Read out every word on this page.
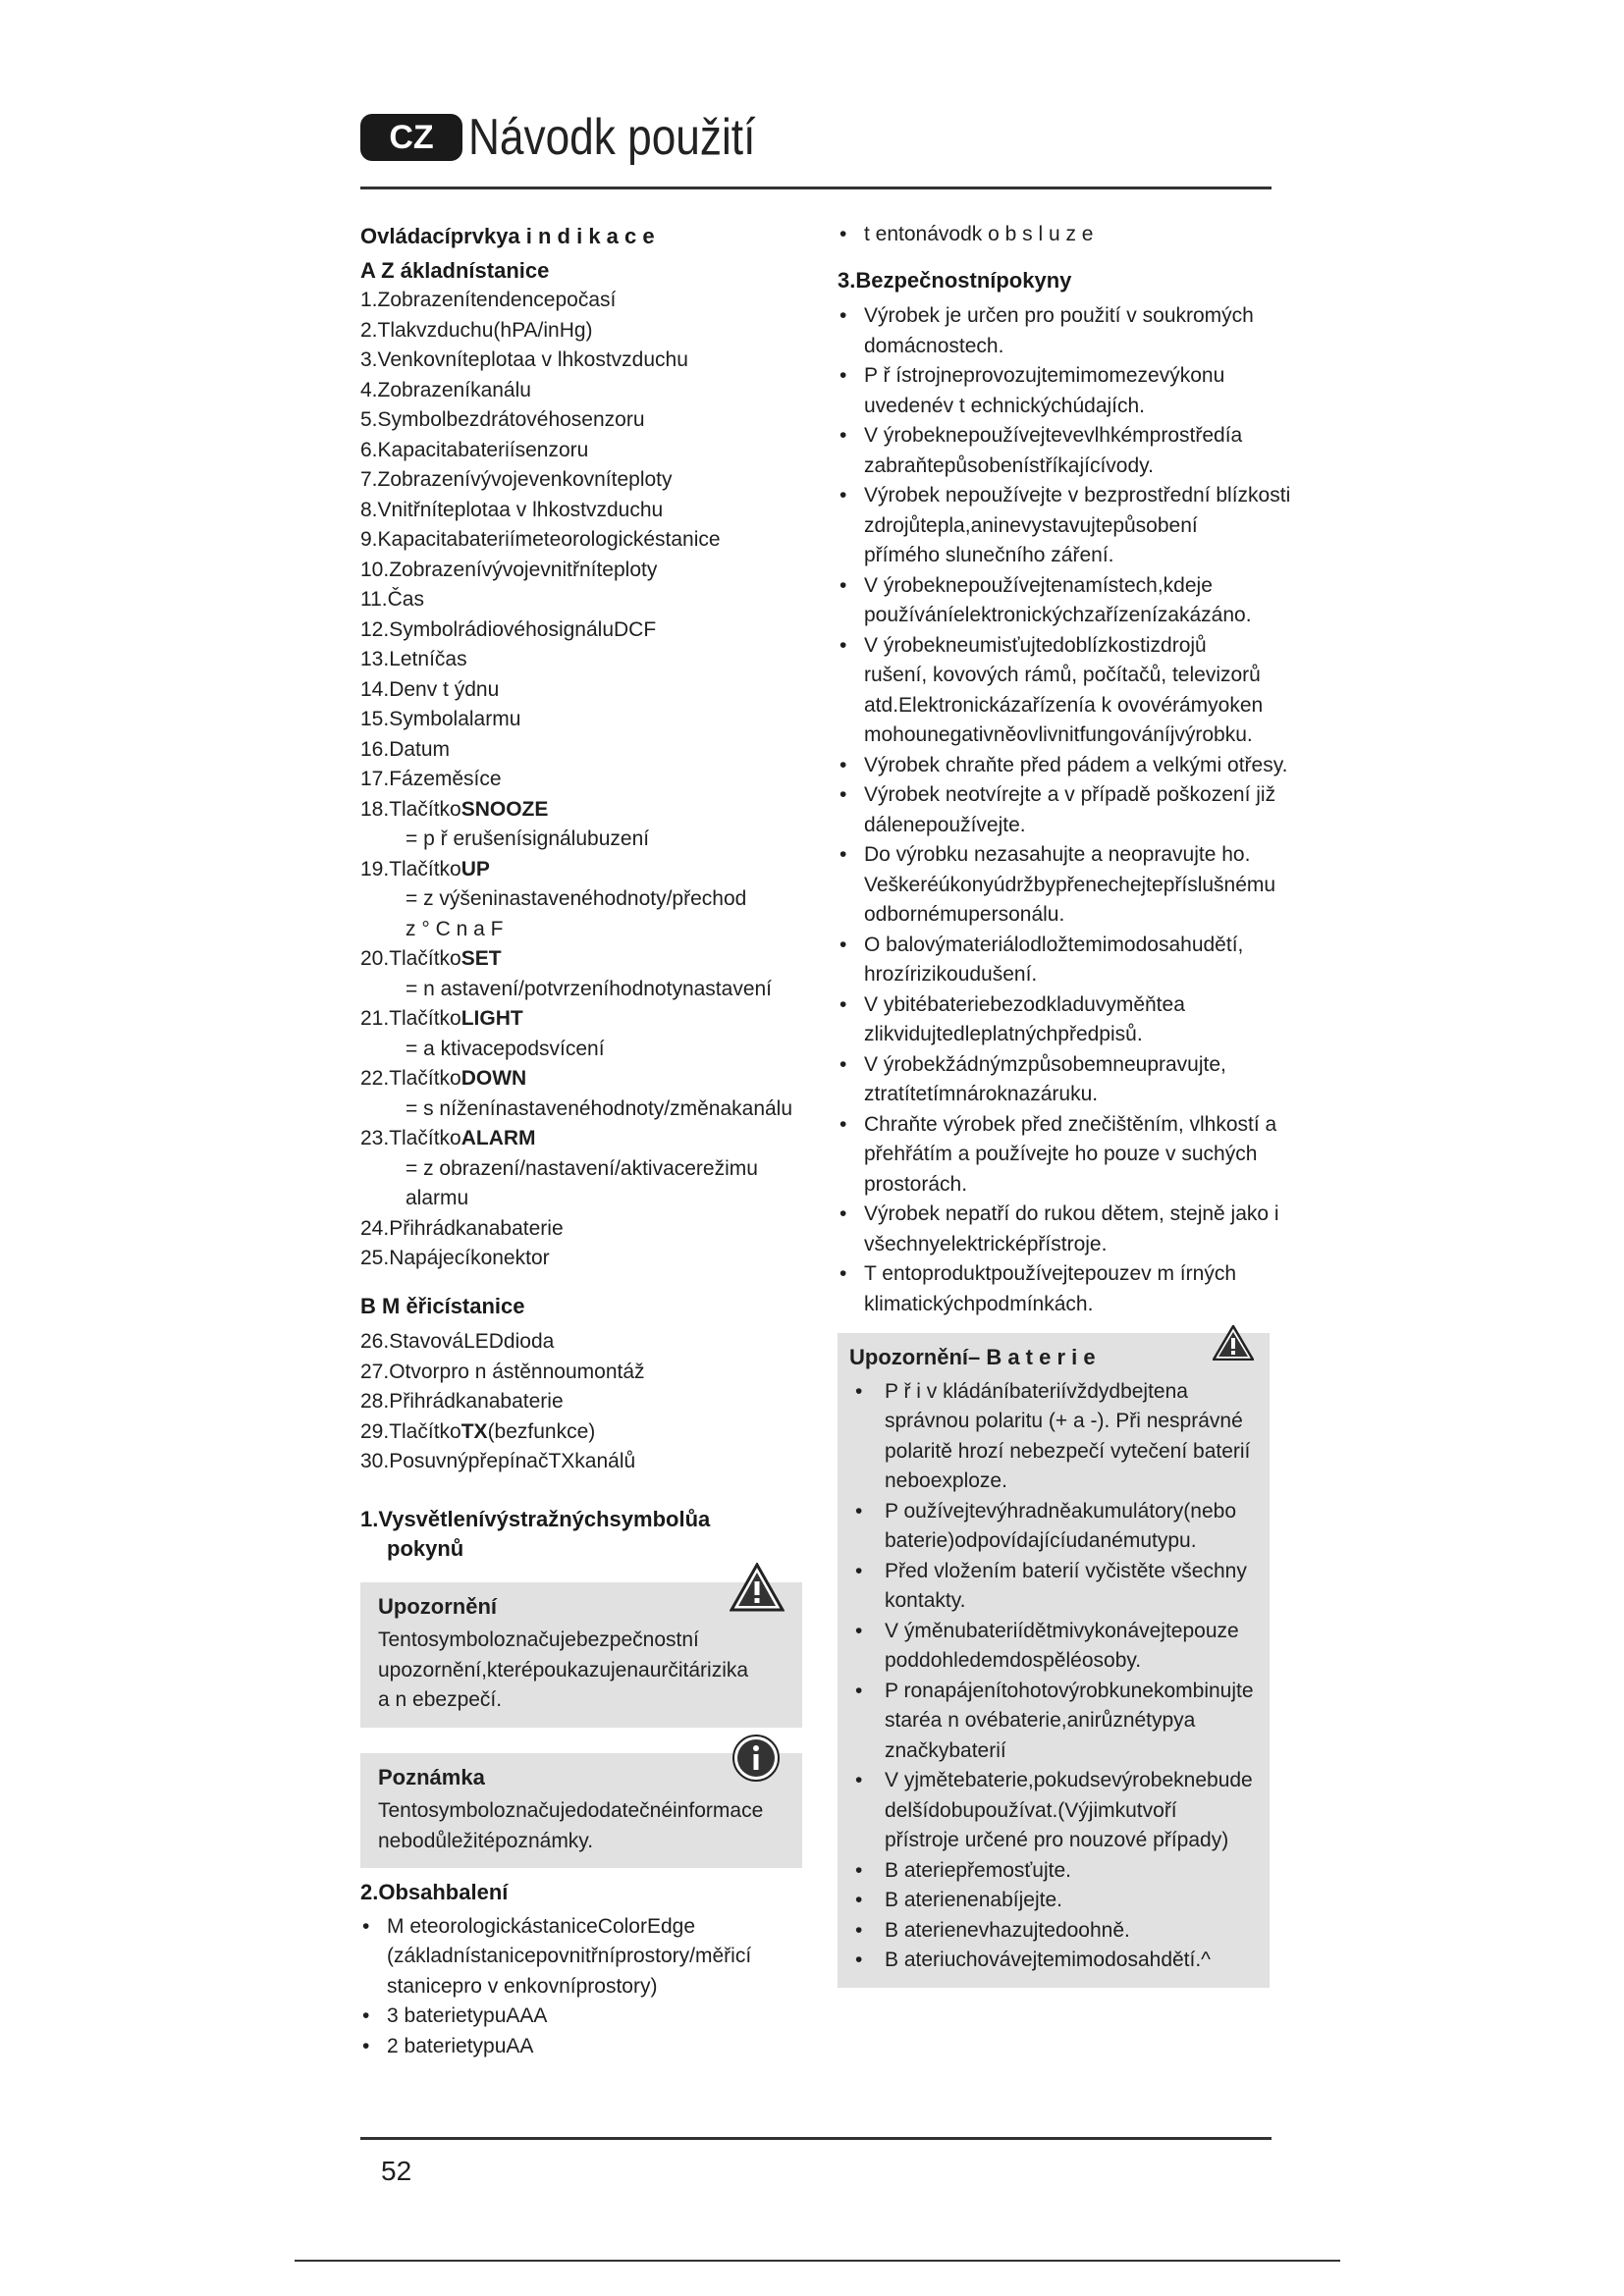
CZ Návodk použití
Ovládacíprvkya i n d i k a c e
A Z ákladnístanice
1.Zobrazenítendencepočasí
2.Tlakvzduchu(hPA/inHg)
3.Venkovníteplotaa v lhkostvzduchu
4.Zobrazeníkanálu
5.Symbolbezdrátovéhosenzoru
6.Kapacitabateriísenzoru
7.Zobrazenívývojevenkovníteploty
8.Vnitřníteplotaa v lhkostvzduchu
9.Kapacitabateriímeteorologickéstanice
10.Zobrazenívývojevnitřníteploty
11.Čas
12.SymbolrádiovéhosignáluDCF
13.Letníčas
14.Denv t ýdnu
15.Symbolalarmu
16.Datum
17.Fázeměsíce
18.TlačítkoSNOOZE
= p ř erušenísignálubuzení
19.TlačítkoUP
= z výšeninastavenéhodnoty/přechod
z ° C n a F
20.TlačítkoSET
= n astavení/potvrzeníhodnotynastavení
21.TlačítkoLIGHT
= a ktivacepodsvícení
22.TlačítkoDOWN
= s níženínastavenéhodnoty/změnakanálu
23.TlačítkoALARM
= z obrazení/nastavení/aktivacerežimu
alarmu
24.Přihrádkanabaterie
25.Napájecíkonektor
B M ěřicístanice
26.StavováLEDdioda
27.Otvorpro n ástěnnoumontáž
28.Přihrádkanabaterie
29.TlačítkoTX(bezfunkce)
30.PosuvnýpřepínačTXkanálů
1.Vysvětlenívýstražnýchsymbolůa
pokynů
Upozornění
Tentosymboloznačujebezpečnostní
upozornění,kterépoukazujenaurčitárizika
a n ebezpečí.
Poznámka
Tentosymboloznačujedodatečnéinformace
nebodůležitépoznámky.
2.Obsahbalení
• M eteorologickástaniceColorEdge
(základnístanicepovnitřníprostory/měřicí
stanicepro v enkovníprostory)
• 3 baterietypuAAA
• 2 baterietypuAA
• t entonávodk o b s l u z e
3.Bezpečnostnípokyny
• Výrobek je určen pro použití v soukromých
domácnostech.
• P ř ístrojneprovozujtemimomezevýkonu
uvedenév t echnickýchúdajích.
• V ýrobeknepoužívejtevevlhkémprostředía
zabraňtepůsobenístříkajícívody.
• Výrobek nepoužívejte v bezprostřední blízkosti
zdrojůtepla,aninevystavujtepůsobení
přímého slunečního záření.
• V ýrobeknepoužívejtenamístech,kdeje
používáníelektronickýchzařízenízakázáno.
• V ýrobekneumisťujtedoblízkostizdrojů
rušení, kovových rámů, počítačů, televizorů
atd.Elektronickázařízenía k ovovérámyoken
mohounegativněovlivnitfungováníjvýrobku.
• Výrobek chraňte před pádem a velkými otřesy.
• Výrobek neotvírejte a v případě poškození již
dálenepoužívejte.
• Do výrobku nezasahujte a neopravujte ho.
Veškeréúkonyúdržbypřenechejtepříslušnému
odbornémupersonálu.
• O balovýmateriálodložtemimodosahudětí,
hrozírizikoudušení.
• V ybitébateriebezodkladuvyměňtea
zlikvidujtedleplatnýchpředpisů.
• V ýrobekžádnýmzpůsobemneupravujte,
ztratítetímnároknazáruku.
• Chraňte výrobek před znečištěním, vlhkostí a
přehřátím a používejte ho pouze v suchých
prostorách.
• Výrobek nepatří do rukou dětem, stejně jako i
všechnyelektricképřístroje.
• T entoproduktpoužívejtepouzev m írných
klimatickýchpodmínkách.
Upozornění– B a t e r i e
• P ř i v kládáníbateriívždydbejtena
správnou polaritu (+ a -). Při nesprávné
polaritě hrozí nebezpečí vytečení baterií
neboexploze.
• P oužívejtevýhradněakumulátory(nebo
baterie)odpovídajícíudanémutypu.
• Před vložením baterií vyčistěte všechny
kontakty.
• V ýměnubateriídětmivykonávejtepouze
poddohledemdospěléosoby.
• P ronapájenítohotovýrobkunekombinujte
staréa n ovébaterie,anirůznétypya
značkybaterií
• V yjmětebaterie,pokudsevýrobeknebude
delšídobupoužívat.(Výjimkutvoří
přístroje určené pro nouzové případy)
• B ateriepřemosťujte.
• B aterienenabíjejte.
• B aterienevhazujtedoohně.
• B ateriuchovávejtemimodosahdětí.^
52
